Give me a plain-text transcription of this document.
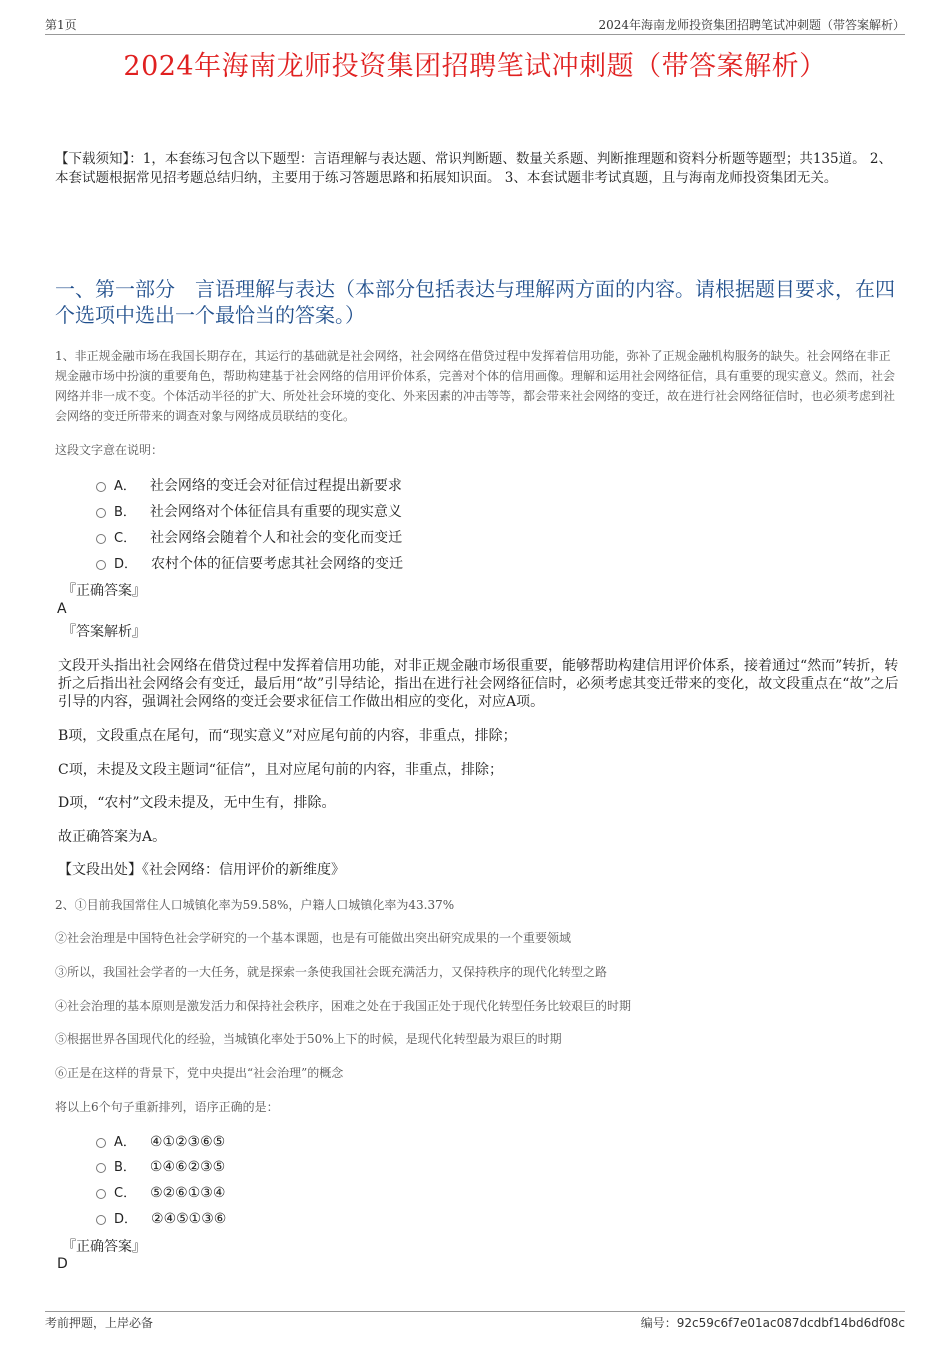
第1页	2024年海南龙师投资集团招聘笔试冲刺题（带答案解析）
2024年海南龙师投资集团招聘笔试冲刺题（带答案解析）
【下载须知】：1，本套练习包含以下题型：言语理解与表达题、常识判断题、数量关系题、判断推理题和资料分析题等题型；共135道。 2、本套试题根据常见招考题总结归纳，主要用于练习答题思路和拓展知识面。 3、本套试题非考试真题，且与海南龙师投资集团无关。
一、第一部分　言语理解与表达（本部分包括表达与理解两方面的内容。请根据题目要求，在四个选项中选出一个最恰当的答案。）
1、非正规金融市场在我国长期存在，其运行的基础就是社会网络，社会网络在借贷过程中发挥着信用功能，弥补了正规金融机构服务的缺失。社会网络在非正规金融市场中扮演的重要角色，帮助构建基于社会网络的信用评价体系，完善对个体的信用画像。理解和运用社会网络征信，具有重要的现实意义。然而，社会网络并非一成不变。个体活动半径的扩大、所处社会环境的变化、外来因素的冲击等等，都会带来社会网络的变迁，故在进行社会网络征信时，也必须考虑到社会网络的变迁所带来的调查对象与网络成员联结的变化。
这段文字意在说明：
A． 社会网络的变迁会对征信过程提出新要求
B． 社会网络对个体征信具有重要的现实意义
C． 社会网络会随着个人和社会的变化而变迁
D． 农村个体的征信要考虑其社会网络的变迁
『正确答案』
A
『答案解析』
文段开头指出社会网络在借贷过程中发挥着信用功能，对非正规金融市场很重要，能够帮助构建信用评价体系，接着通过“然而”转折，转折之后指出社会网络会有变迁，最后用“故”引导结论，指出在进行社会网络征信时，必须考虑其变迁带来的变化，故文段重点在“故”之后引导的内容，强调社会网络的变迁会要求征信工作做出相应的变化，对应A项。
B项，文段重点在尾句，而“现实意义”对应尾句前的内容，非重点，排除；
C项，未提及文段主题词“征信”，且对应尾句前的内容，非重点，排除；
D项，“农村”文段未提及，无中生有，排除。
故正确答案为A。
【文段出处】《社会网络：信用评价的新维度》
2、①目前我国常住人口城镇化率为59.58%，户籍人口城镇化率为43.37%
②社会治理是中国特色社会学研究的一个基本课题，也是有可能做出突出研究成果的一个重要领域
③所以，我国社会学者的一大任务，就是探索一条使我国社会既充满活力，又保持秩序的现代化转型之路
④社会治理的基本原则是激发活力和保持社会秩序，困难之处在于我国正处于现代化转型任务比较艰巨的时期
⑤根据世界各国现代化的经验，当城镇化率处于50%上下的时候，是现代化转型最为艰巨的时期
⑥正是在这样的背景下，党中央提出“社会治理”的概念
将以上6个句子重新排列，语序正确的是：
A． ④①②③⑥⑤
B． ①④⑥②③⑤
C． ⑤②⑥①③④
D． ②④⑤①③⑥
『正确答案』
D
考前押题，上岸必备	编号：92c59c6f7e01ac087dcdbf14bd6df08c
